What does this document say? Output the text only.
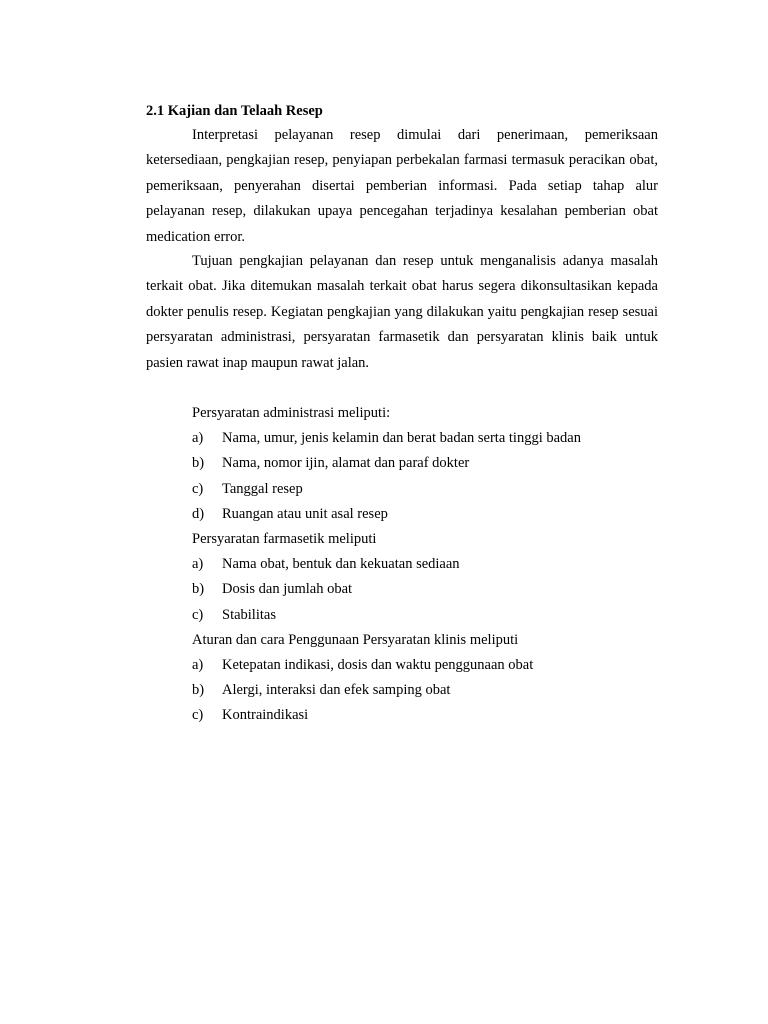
2.1 Kajian dan Telaah Resep

Interpretasi pelayanan resep dimulai dari penerimaan, pemeriksaan ketersediaan, pengkajian resep, penyiapan perbekalan farmasi termasuk peracikan obat, pemeriksaan, penyerahan disertai pemberian informasi. Pada setiap tahap alur pelayanan resep, dilakukan upaya pencegahan terjadinya kesalahan pemberian obat medication error.

Tujuan pengkajian pelayanan dan resep untuk menganalisis adanya masalah terkait obat. Jika ditemukan masalah terkait obat harus segera dikonsultasikan kepada dokter penulis resep. Kegiatan pengkajian yang dilakukan yaitu pengkajian resep sesuai persyaratan administrasi, persyaratan farmasetik dan persyaratan klinis baik untuk pasien rawat inap maupun rawat jalan.

Persyaratan administrasi meliputi:
a)	Nama, umur, jenis kelamin dan berat badan serta tinggi badan
b)	Nama, nomor ijin, alamat dan paraf dokter
c)	Tanggal resep
d)	Ruangan atau unit asal resep
Persyaratan farmasetik meliputi
a)	Nama obat, bentuk dan kekuatan sediaan
b)	Dosis dan jumlah obat
c)	Stabilitas
Aturan dan cara Penggunaan Persyaratan klinis meliputi
a)	Ketepatan indikasi, dosis dan waktu penggunaan obat
b)	Alergi, interaksi dan efek samping obat
c)	Kontraindikasi
